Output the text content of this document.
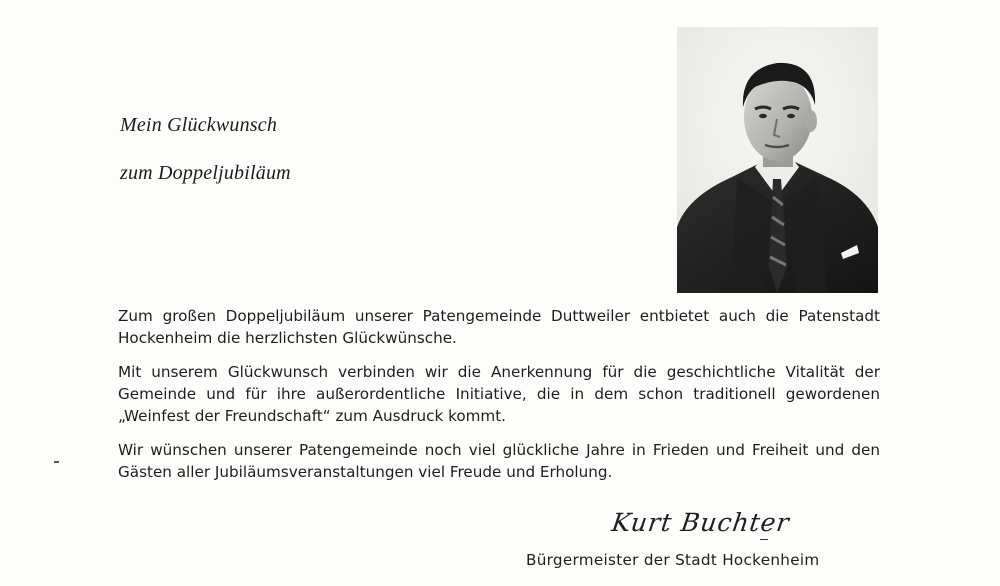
Mein Glückwunsch
zum Doppeljubiläum

Zum großen Doppeljubiläum unserer Patengemeinde Duttweiler entbietet auch die Patenstadt Hockenheim die herzlichsten Glückwünsche.

Mit unserem Glückwunsch verbinden wir die Anerkennung für die geschichtliche Vitalität der Gemeinde und für ihre außerordentliche Initiative, die in dem schon traditionell gewordenen „Weinfest der Freundschaft“ zum Ausdruck kommt.

Wir wünschen unserer Patengemeinde noch viel glückliche Jahre in Frieden und Freiheit und den Gästen aller Jubiläumsveranstaltungen viel Freude und Erholung.

Kurt Buchter
Bürgermeister der Stadt Hockenheim
